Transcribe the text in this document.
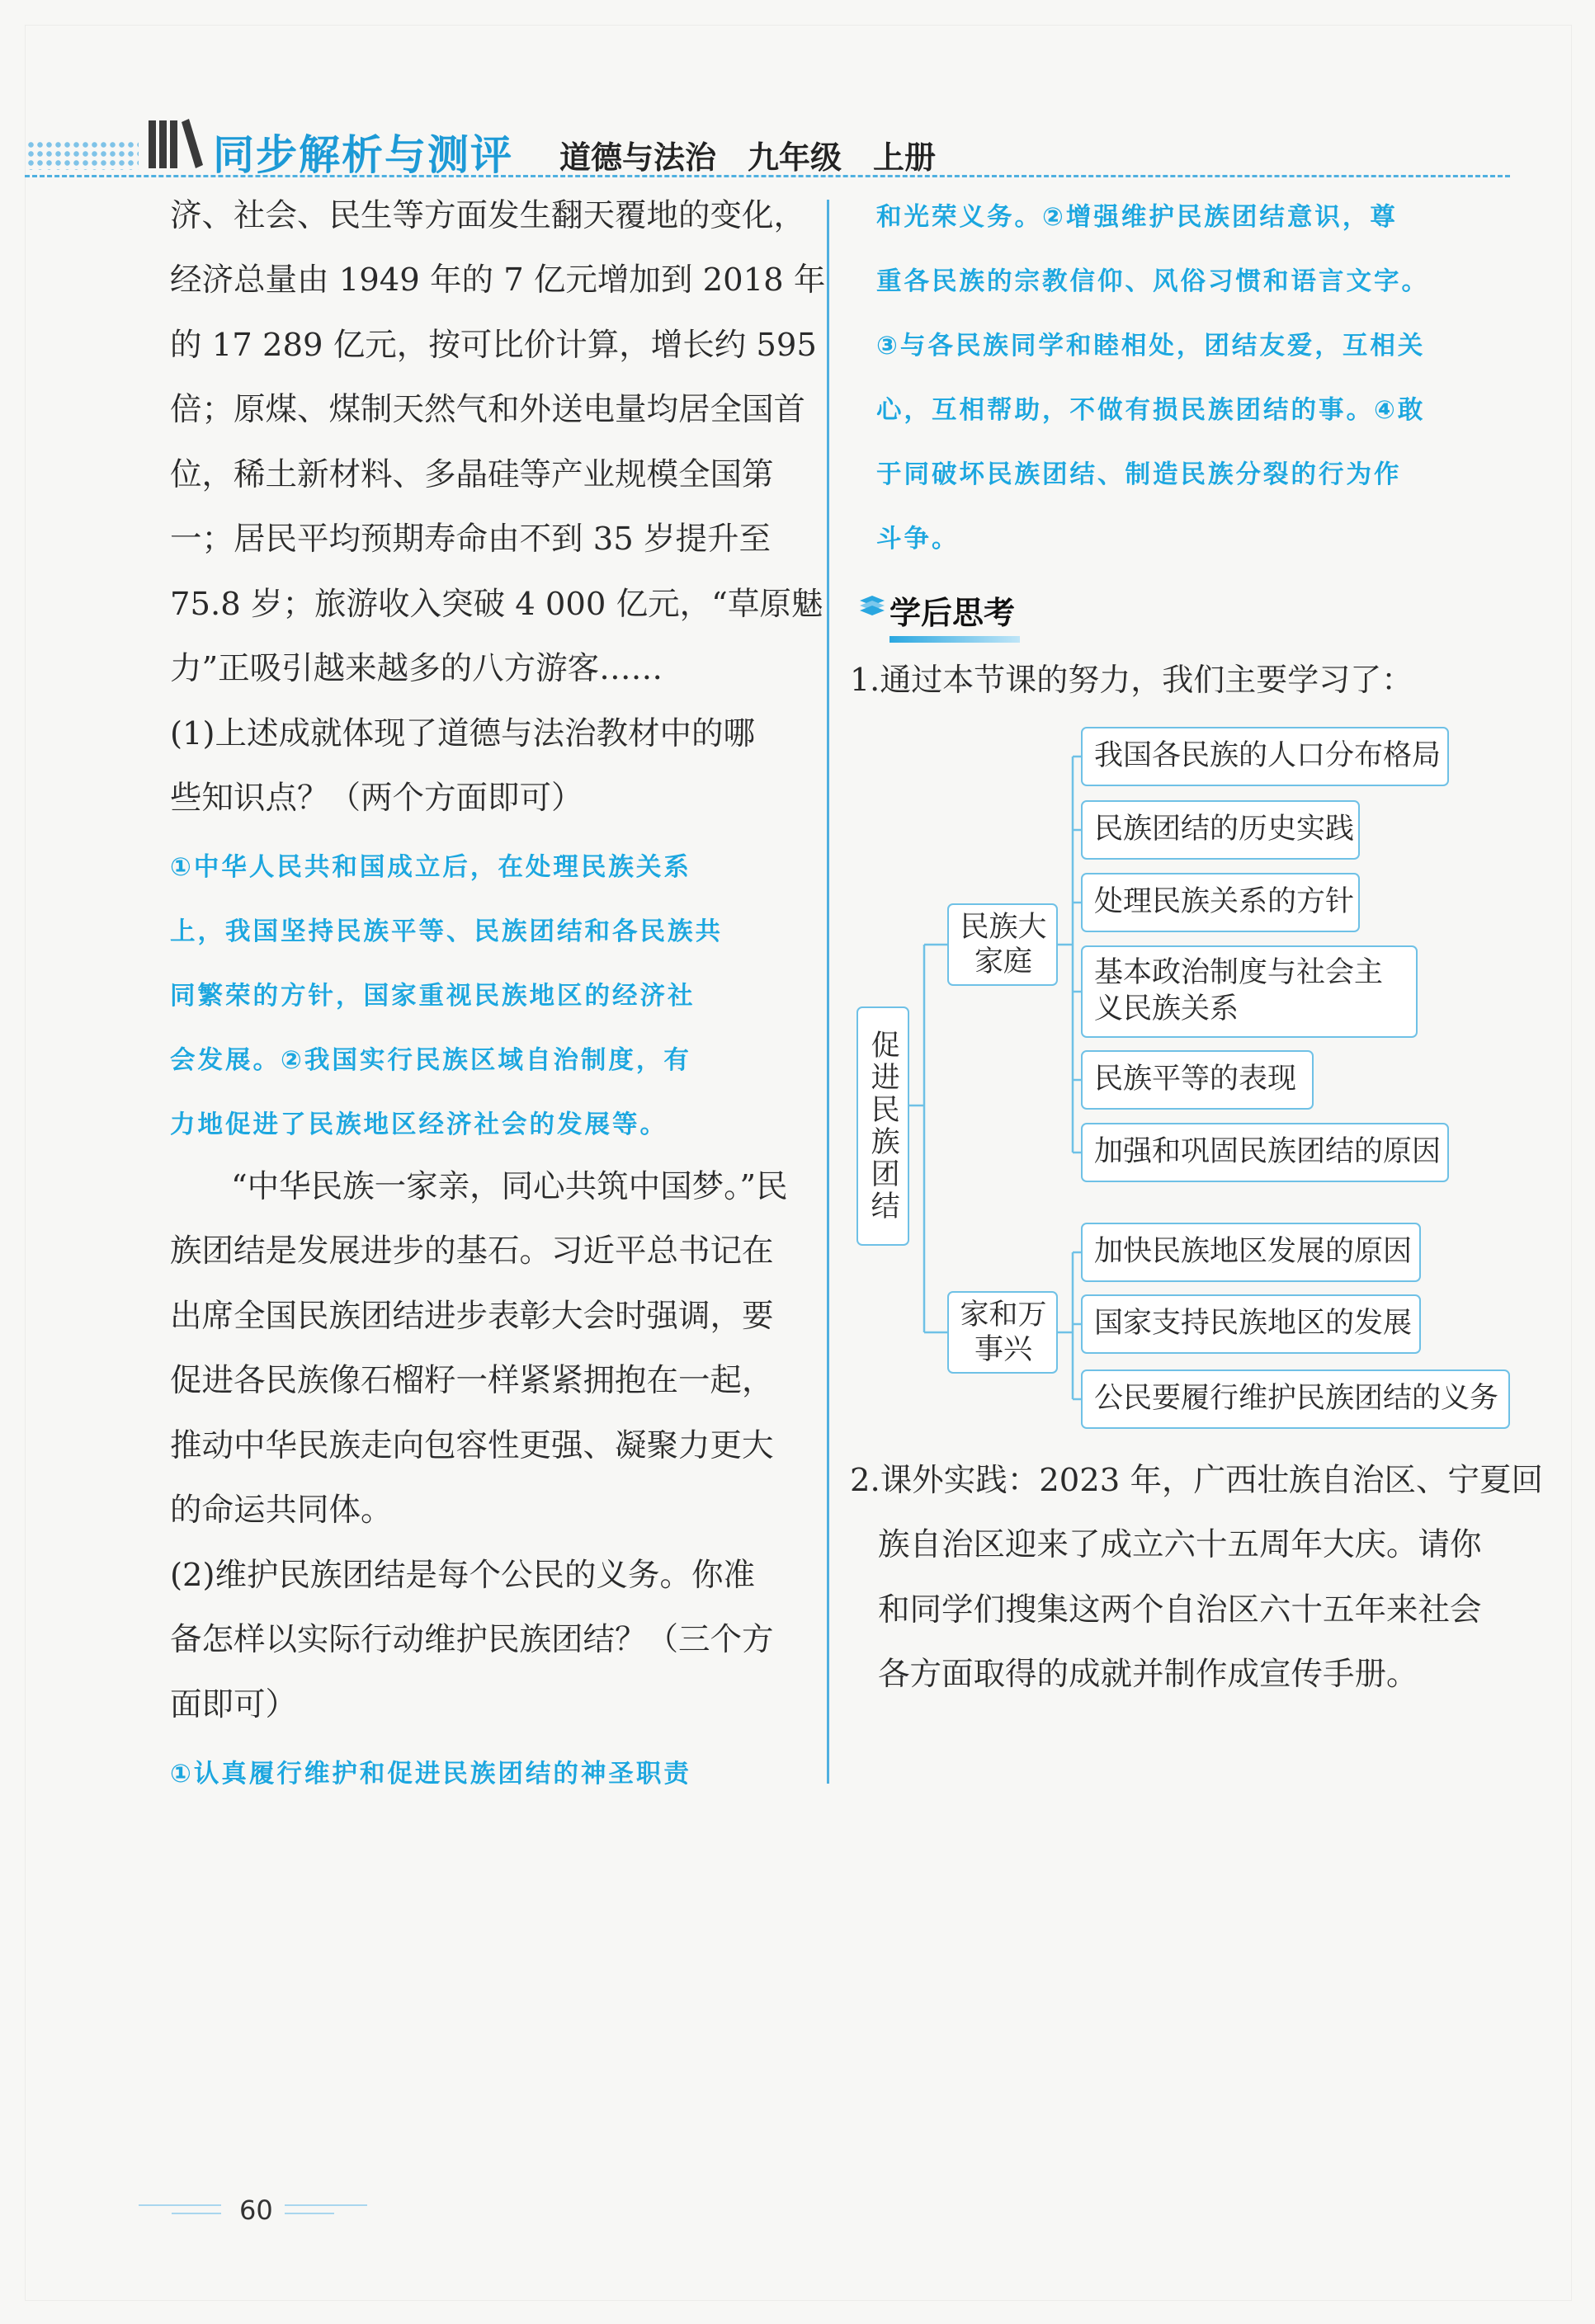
同步解析与测评 道德与法治　九年级　上册
济、社会、民生等方面发生翻天覆地的变化，
经济总量由 1949 年的 7 亿元增加到 2018 年
的 17 289 亿元，按可比价计算，增长约 595
倍；原煤、煤制天然气和外送电量均居全国首
位，稀土新材料、多晶硅等产业规模全国第
一；居民平均预期寿命由不到 35 岁提升至
75.8 岁；旅游收入突破 4 000 亿元，“草原魅
力”正吸引越来越多的八方游客……
(1)上述成就体现了道德与法治教材中的哪
些知识点？（两个方面即可）
①中华人民共和国成立后，在处理民族关系
上，我国坚持民族平等、民族团结和各民族共
同繁荣的方针，国家重视民族地区的经济社
会发展。②我国实行民族区域自治制度，有
力地促进了民族地区经济社会的发展等。
“中华民族一家亲，同心共筑中国梦。”民
族团结是发展进步的基石。习近平总书记在
出席全国民族团结进步表彰大会时强调，要
促进各民族像石榴籽一样紧紧拥抱在一起，
推动中华民族走向包容性更强、凝聚力更大
的命运共同体。
(2)维护民族团结是每个公民的义务。你准
备怎样以实际行动维护民族团结？（三个方
面即可）
①认真履行维护和促进民族团结的神圣职责
和光荣义务。②增强维护民族团结意识，尊
重各民族的宗教信仰、风俗习惯和语言文字。
③与各民族同学和睦相处，团结友爱，互相关
心，互相帮助，不做有损民族团结的事。④敢
于同破坏民族团结、制造民族分裂的行为作
斗争。
学后思考
1.通过本节课的努力，我们主要学习了：
促进民族团结
民族大家庭
家和万事兴
我国各民族的人口分布格局
民族团结的历史实践
处理民族关系的方针
基本政治制度与社会主义民族关系
民族平等的表现
加强和巩固民族团结的原因
加快民族地区发展的原因
国家支持民族地区的发展
公民要履行维护民族团结的义务
2.课外实践：2023 年，广西壮族自治区、宁夏回
族自治区迎来了成立六十五周年大庆。请你
和同学们搜集这两个自治区六十五年来社会
各方面取得的成就并制作成宣传手册。
60
